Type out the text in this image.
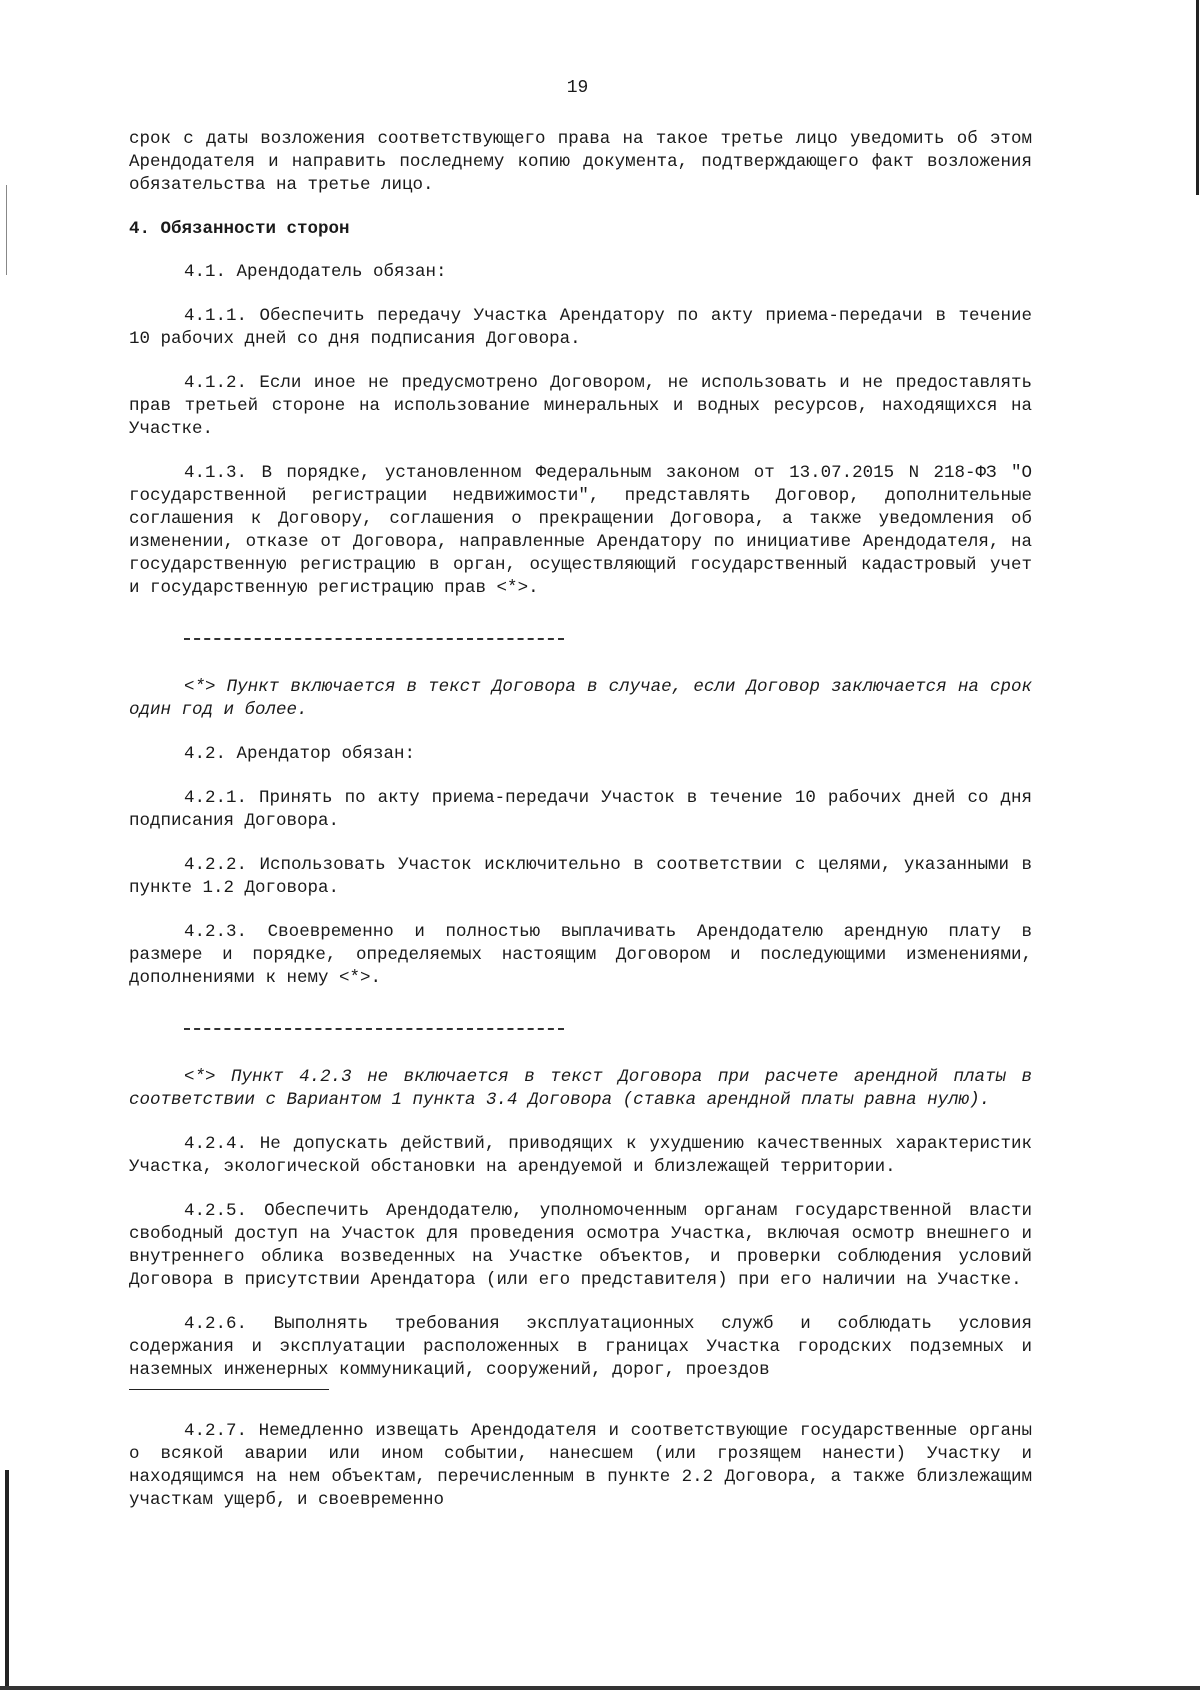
19

срок с даты возложения соответствующего права на такое третье лицо уведомить об этом Арендодателя и направить последнему копию документа, подтверждающего факт возложения обязательства на третье лицо.

4. Обязанности сторон

4.1. Арендодатель обязан:

4.1.1. Обеспечить передачу Участка Арендатору по акту приема-передачи в течение 10 рабочих дней со дня подписания Договора.

4.1.2. Если иное не предусмотрено Договором, не использовать и не предоставлять прав третьей стороне на использование минеральных и водных ресурсов, находящихся на Участке.

4.1.3. В порядке, установленном Федеральным законом от 13.07.2015 N 218-ФЗ "О государственной регистрации недвижимости", представлять Договор, дополнительные соглашения к Договору, соглашения о прекращении Договора, а также уведомления об изменении, отказе от Договора, направленные Арендатору по инициативе Арендодателя, на государственную регистрацию в орган, осуществляющий государственный кадастровый учет и государственную регистрацию прав <*>.

<*> Пункт включается в текст Договора в случае, если Договор заключается на срок один год и более.

4.2. Арендатор обязан:

4.2.1. Принять по акту приема-передачи Участок в течение 10 рабочих дней со дня подписания Договора.

4.2.2. Использовать Участок исключительно в соответствии с целями, указанными в пункте 1.2 Договора.

4.2.3. Своевременно и полностью выплачивать Арендодателю арендную плату в размере и порядке, определяемых настоящим Договором и последующими изменениями, дополнениями к нему <*>.

<*> Пункт 4.2.3 не включается в текст Договора при расчете арендной платы в соответствии с Вариантом 1 пункта 3.4 Договора (ставка арендной платы равна нулю).

4.2.4. Не допускать действий, приводящих к ухудшению качественных характеристик Участка, экологической обстановки на арендуемой и близлежащей территории.

4.2.5. Обеспечить Арендодателю, уполномоченным органам государственной власти свободный доступ на Участок для проведения осмотра Участка, включая осмотр внешнего и внутреннего облика возведенных на Участке объектов, и проверки соблюдения условий Договора в присутствии Арендатора (или его представителя) при его наличии на Участке.

4.2.6. Выполнять требования эксплуатационных служб и соблюдать условия содержания и эксплуатации расположенных в границах Участка городских подземных и наземных инженерных коммуникаций, сооружений, дорог, проездов

4.2.7. Немедленно извещать Арендодателя и соответствующие государственные органы о всякой аварии или ином событии, нанесшем (или грозящем нанести) Участку и находящимся на нем объектам, перечисленным в пункте 2.2 Договора, а также близлежащим участкам ущерб, и своевременно
